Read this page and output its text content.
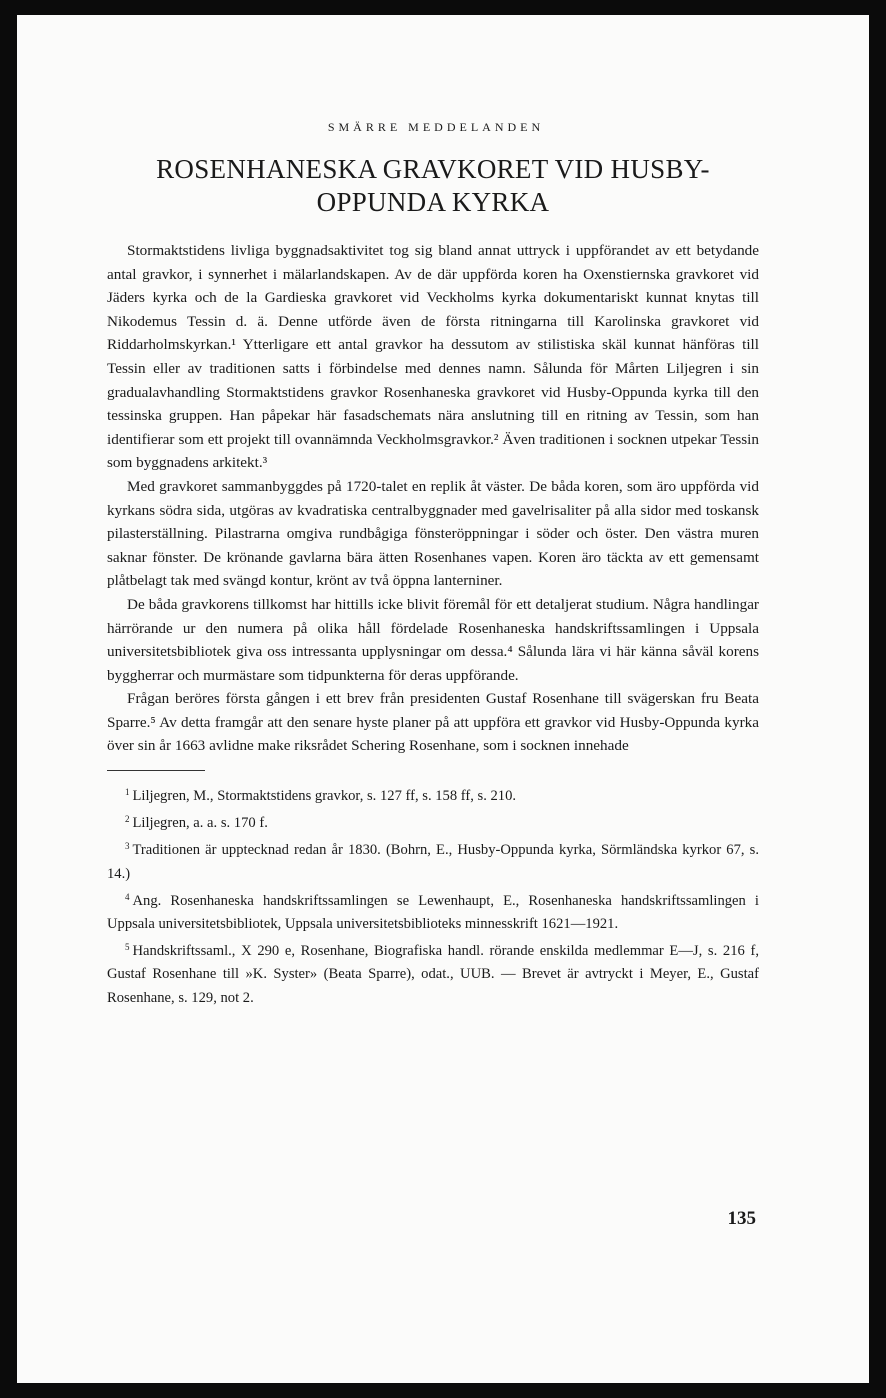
SMÄRRE MEDDELANDEN
ROSENHANESKA GRAVKORET VID HUSBY-
OPPUNDA KYRKA

Stormaktstidens livliga byggnadsaktivitet tog sig bland annat uttryck i uppförandet av ett betydande antal gravkor, i synnerhet i mälarlandskapen. Av de där uppförda koren ha Oxenstiernska gravkoret vid Jäders kyrka och de la Gardieska gravkoret vid Veckholms kyrka dokumentariskt kunnat knytas till Nikodemus Tessin d. ä. Denne utförde även de första ritningarna till Karolinska gravkoret vid Riddarholmskyrkan.¹ Ytterligare ett antal gravkor ha dessutom av stilistiska skäl kunnat hänföras till Tessin eller av traditionen satts i förbindelse med dennes namn. Sålunda för Mårten Liljegren i sin gradualavhandling Stormaktstidens gravkor Rosenhaneska gravkoret vid Husby-Oppunda kyrka till den tessinska gruppen. Han påpekar här fasadschemats nära anslutning till en ritning av Tessin, som han identifierar som ett projekt till ovannämnda Veckholmsgravkor.² Även traditionen i socknen utpekar Tessin som byggnadens arkitekt.³

Med gravkoret sammanbyggdes på 1720-talet en replik åt väster. De båda koren, som äro uppförda vid kyrkans södra sida, utgöras av kvadratiska centralbyggnader med gavelrisaliter på alla sidor med toskansk pilasterställning. Pilastrarna omgiva rundbågiga fönsteröppningar i söder och öster. Den västra muren saknar fönster. De krönande gavlarna bära ätten Rosenhanes vapen. Koren äro täckta av ett gemensamt plåtbelagt tak med svängd kontur, krönt av två öppna lanterniner.

De båda gravkorens tillkomst har hittills icke blivit föremål för ett detaljerat studium. Några handlingar härrörande ur den numera på olika håll fördelade Rosenhaneska handskriftssamlingen i Uppsala universitetsbibliotek giva oss intressanta upplysningar om dessa.⁴ Sålunda lära vi här känna såväl korens byggherrar och murmästare som tidpunkterna för deras uppförande.

Frågan beröres första gången i ett brev från presidenten Gustaf Rosenhane till svägerskan fru Beata Sparre.⁵ Av detta framgår att den senare hyste planer på att uppföra ett gravkor vid Husby-Oppunda kyrka över sin år 1663 avlidne make riksrådet Schering Rosenhane, som i socknen innehade

$^1$ Liljegren, M., Stormaktstidens gravkor, s. 127 ff, s. 158 ff, s. 210.

$^2$ Liljegren, a. a. s. 170 f.

$^3$ Traditionen är upptecknad redan år 1830. (Bohrn, E., Husby-Oppunda kyrka, Sörmländska kyrkor 67, s. 14.)

$^4$ Ang. Rosenhaneska handskriftssamlingen se Lewenhaupt, E., Rosenhaneska handskriftssamlingen i Uppsala universitetsbibliotek, Uppsala universitetsbiblioteks minnesskrift 1621—1921.

$^5$ Handskriftssaml., X 290 e, Rosenhane, Biografiska handl. rörande enskilda medlemmar E—J, s. 216 f, Gustaf Rosenhane till »K. Syster» (Beata Sparre), odat., UUB. — Brevet är avtryckt i Meyer, E., Gustaf Rosenhane, s. 129, not 2.

135
